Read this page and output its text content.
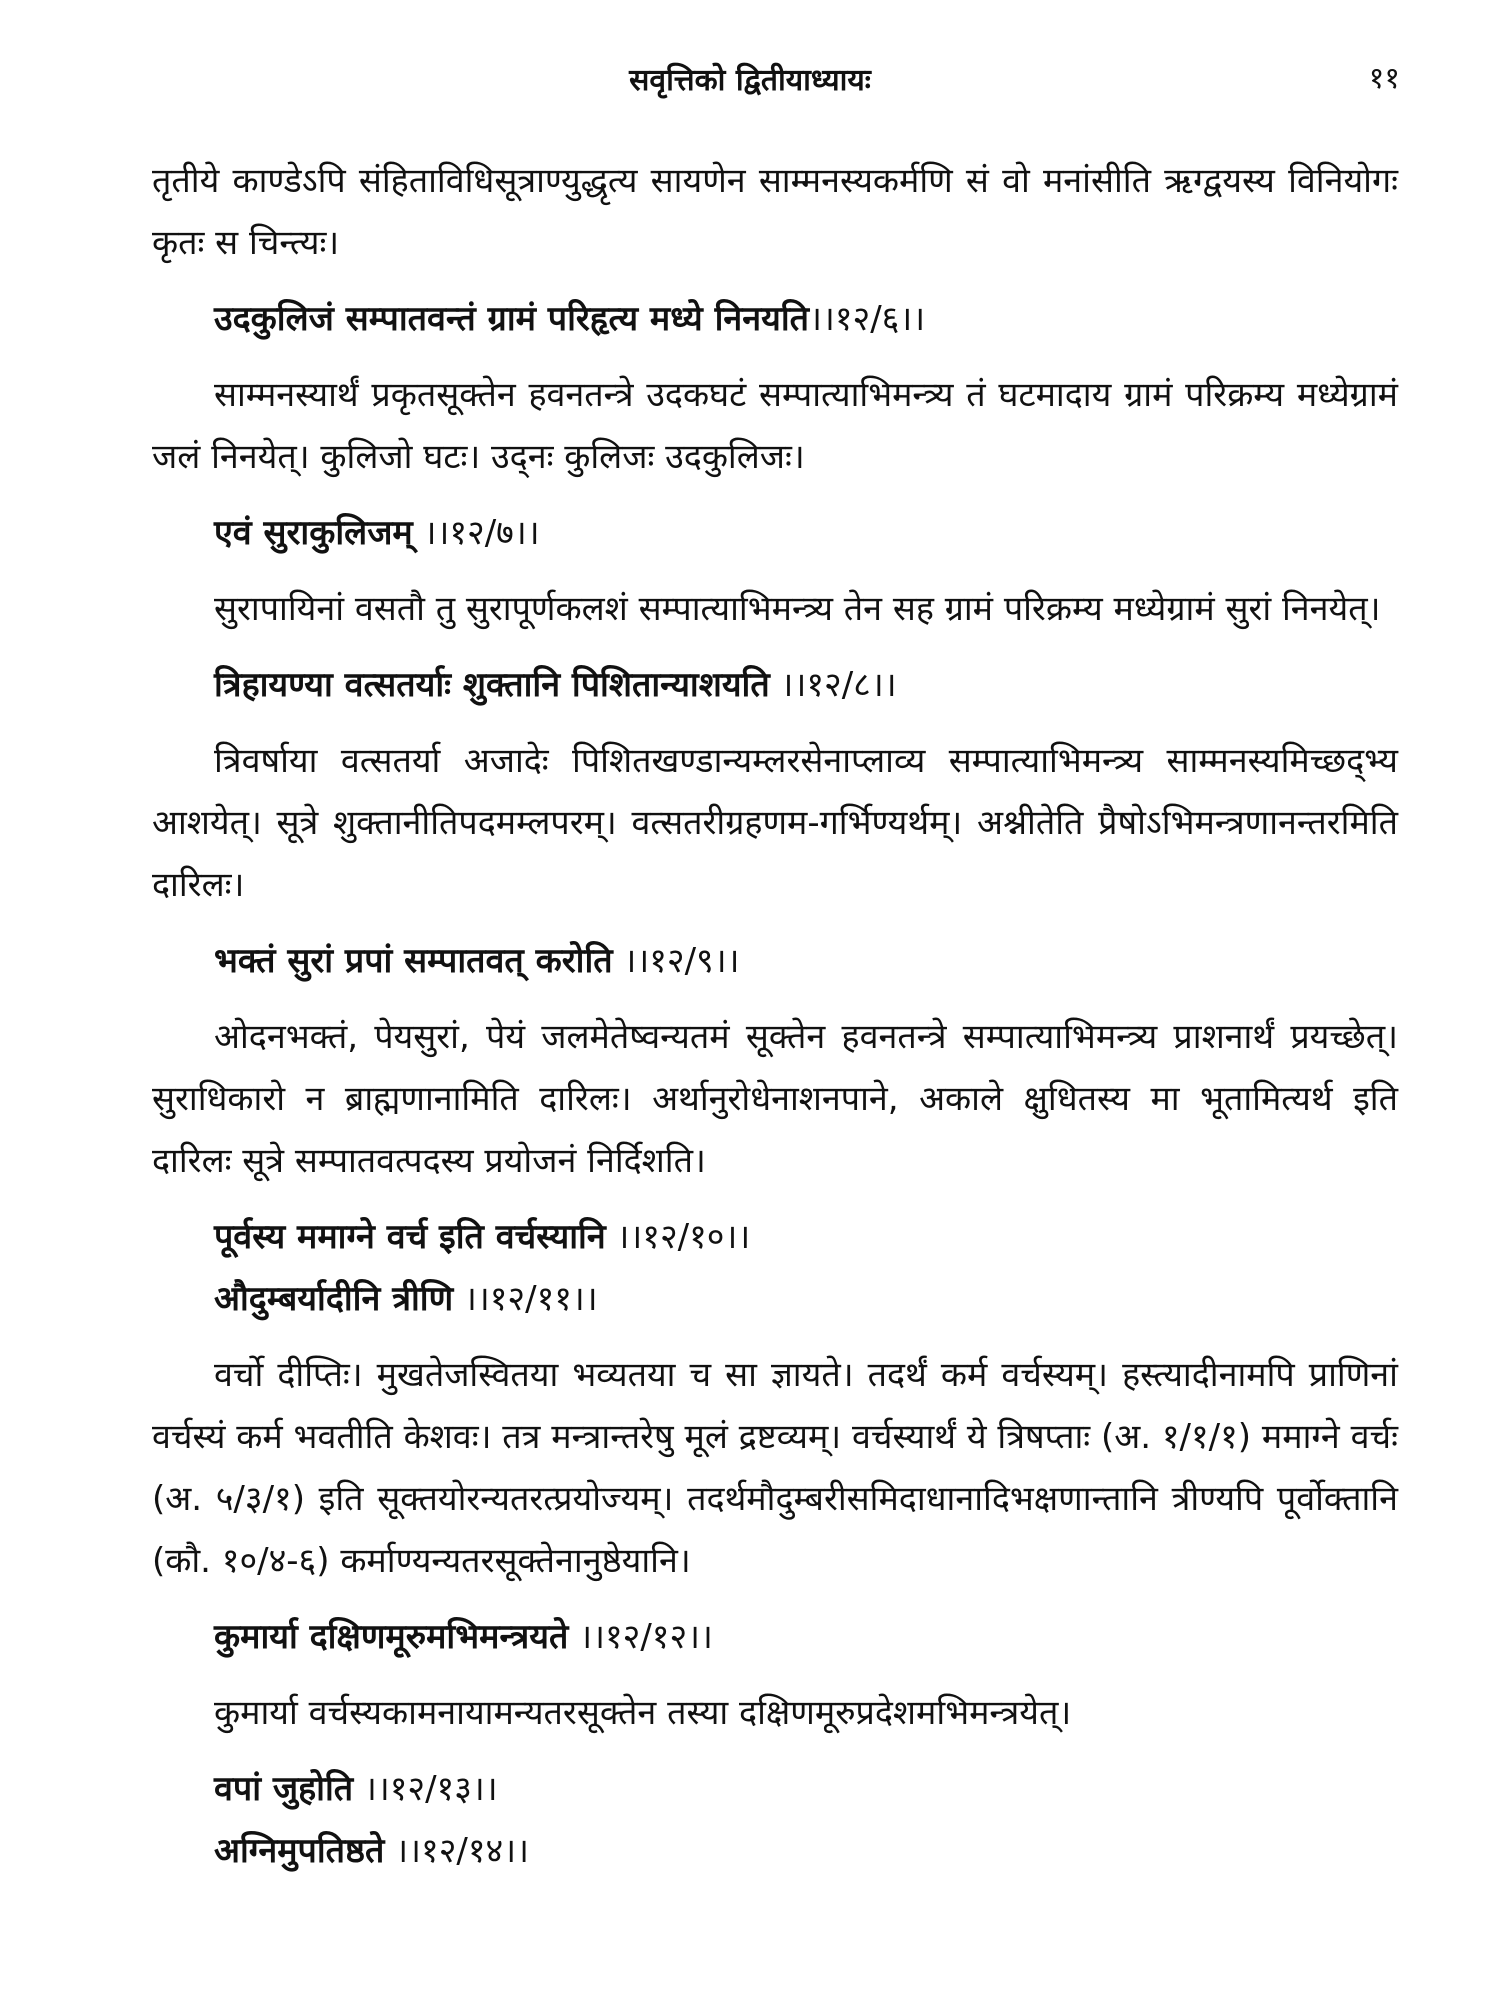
सवृत्तिको द्वितीयाध्यायः	११

तृतीये काण्डेऽपि संहिताविधिसूत्राण्युद्धृत्य सायणेन साम्मनस्यकर्मणि सं वो मनांसीति ऋग्द्वयस्य विनियोगः कृतः स चिन्त्यः।

उदकुलिजं सम्पातवन्तं ग्रामं परिहृत्य मध्ये निनयति।।१२/६।।

साम्मनस्यार्थं प्रकृतसूक्तेन हवनतन्त्रे उदकघटं सम्पात्याभिमन्त्र्य तं घटमादाय ग्रामं परिक्रम्य मध्येग्रामं जलं निनयेत्। कुलिजो घटः। उद्नः कुलिजः उदकुलिजः।

एवं सुराकुलिजम् ।।१२/७।।

सुरापायिनां वसतौ तु सुरापूर्णकलशं सम्पात्याभिमन्त्र्य तेन सह ग्रामं परिक्रम्य मध्येग्रामं सुरां निनयेत्।

त्रिहायण्या वत्सतर्याः शुक्तानि पिशितान्याशयति ।।१२/८।।

त्रिवर्षाया वत्सतर्या अजादेः पिशितखण्डान्यम्लरसेनाप्लाव्य सम्पात्याभिमन्त्र्य साम्मनस्यमिच्छद्भ्य आशयेत्। सूत्रे शुक्तानीतिपदमम्लपरम्। वत्सतरीग्रहणम-गर्भिण्यर्थम्। अश्नीतेति प्रैषोऽभिमन्त्रणानन्तरमिति दारिलः।

भक्तं सुरां प्रपां सम्पातवत् करोति ।।१२/९।।

ओदनभक्तं, पेयसुरां, पेयं जलमेतेष्वन्यतमं सूक्तेन हवनतन्त्रे सम्पात्याभिमन्त्र्य प्राशनार्थं प्रयच्छेत्। सुराधिकारो न ब्राह्मणानामिति दारिलः। अर्थानुरोधेनाशनपाने, अकाले क्षुधितस्य मा भूतामित्यर्थ इति दारिलः सूत्रे सम्पातवत्पदस्य प्रयोजनं निर्दिशति।

पूर्वस्य ममाग्ने वर्च इति वर्चस्यानि ।।१२/१०।।

औदुम्बर्यादीनि त्रीणि ।।१२/११।।

वर्चो दीप्तिः। मुखतेजस्वितया भव्यतया च सा ज्ञायते। तदर्थं कर्म वर्चस्यम्। हस्त्यादीनामपि प्राणिनां वर्चस्यं कर्म भवतीति केशवः। तत्र मन्त्रान्तरेषु मूलं द्रष्टव्यम्। वर्चस्यार्थं ये त्रिषप्ताः (अ. १/१/१) ममाग्ने वर्चः (अ. ५/३/१) इति सूक्तयोरन्यतरत्प्रयोज्यम्। तदर्थमौदुम्बरीसमिदाधानादिभक्षणान्तानि त्रीण्यपि पूर्वोक्तानि (कौ. १०/४-६) कर्माण्यन्यतरसूक्तेनानुष्ठेयानि।

कुमार्या दक्षिणमूरुमभिमन्त्रयते ।।१२/१२।।

कुमार्या वर्चस्यकामनायामन्यतरसूक्तेन तस्या दक्षिणमूरुप्रदेशमभिमन्त्रयेत्।

वपां जुहोति ।।१२/१३।।

अग्निमुपतिष्ठते ।।१२/१४।।
